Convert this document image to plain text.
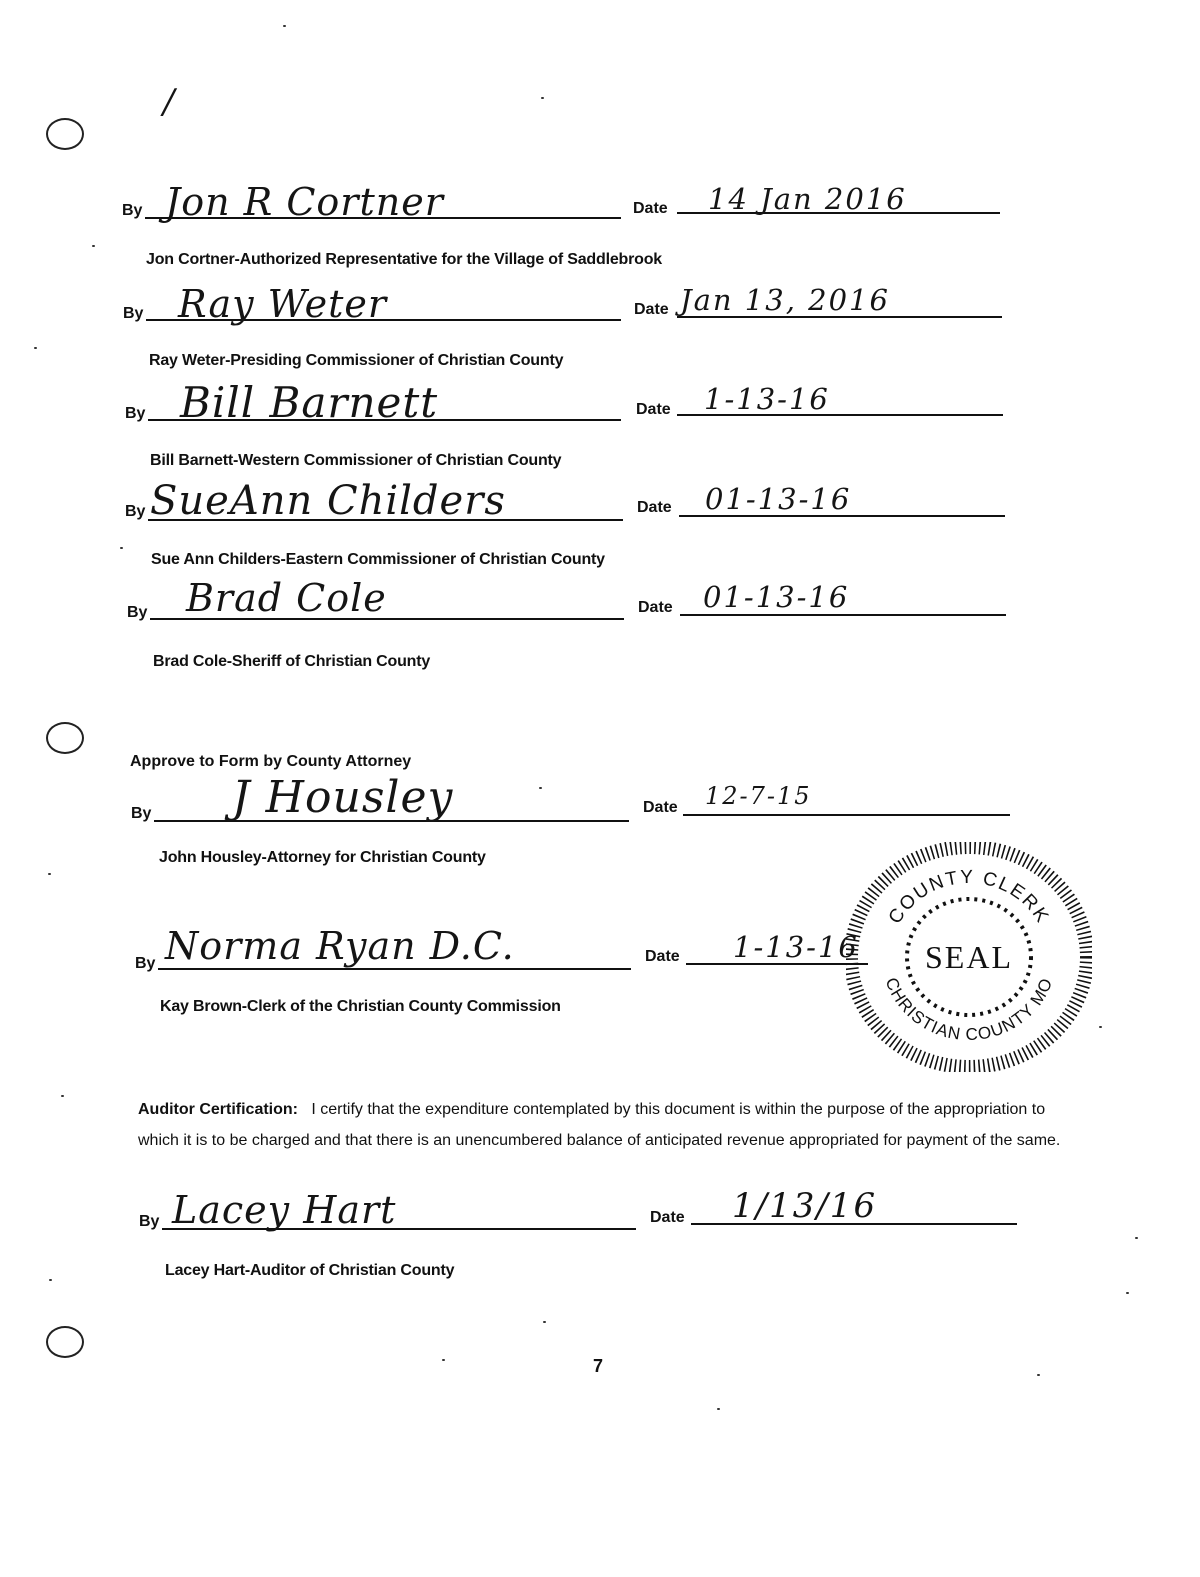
/
By Jon R Cortner	Date 14 Jan 2016
Jon Cortner-Authorized Representative for the Village of Saddlebrook
By Ray Weter	Date Jan 13, 2016
Ray Weter-Presiding Commissioner of Christian County
By Bill Barnett	Date 1-13-16
Bill Barnett-Western Commissioner of Christian County
By SueAnn Childers	Date 01-13-16
Sue Ann Childers-Eastern Commissioner of Christian County
By Brad Cole	Date 01-13-16
Brad Cole-Sheriff of Christian County
Approve to Form by County Attorney
By J Housley	Date 12-7-15
John Housley-Attorney for Christian County
By Norma Ryan D.C.	Date 1-13-16
Kay Brown-Clerk of the Christian County Commission
COUNTY CLERK
CHRISTIAN COUNTY MO
SEAL
Auditor Certification: I certify that the expenditure contemplated by this document is within the purpose of the appropriation to which it is to be charged and that there is an unencumbered balance of anticipated revenue appropriated for payment of the same.
By Lacey Hart	Date 1/13/16
Lacey Hart-Auditor of Christian County
7
